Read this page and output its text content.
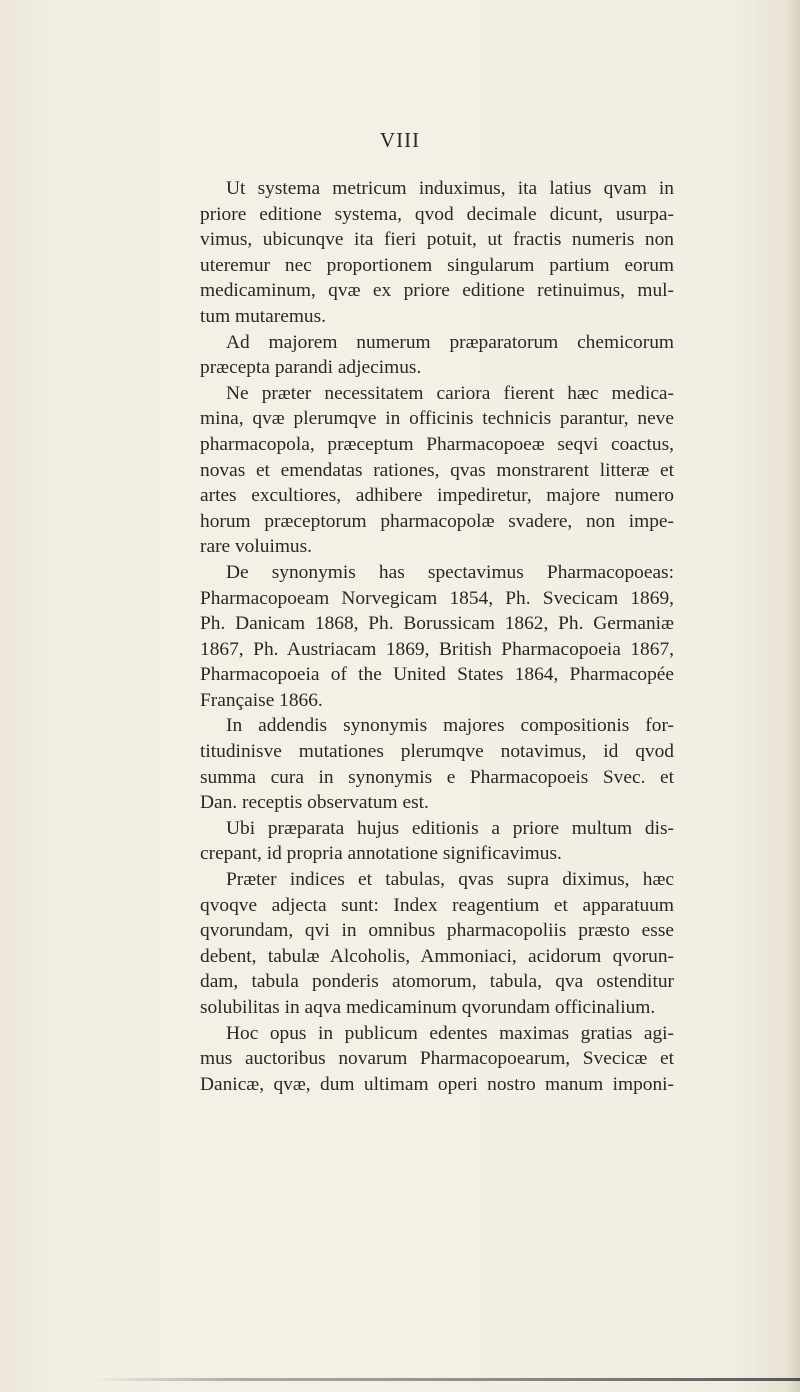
VIII
Ut systema metricum induximus, ita latius qvam in
priore editione systema, qvod decimale dicunt, usurpa-
vimus, ubicunqve ita fieri potuit, ut fractis numeris non
uteremur nec proportionem singularum partium eorum
medicaminum, qvæ ex priore editione retinuimus, mul-
tum mutaremus.
Ad majorem numerum præparatorum chemicorum
præcepta parandi adjecimus.
Ne præter necessitatem cariora fierent hæc medica-
mina, qvæ plerumqve in officinis technicis parantur, neve
pharmacopola, præceptum Pharmacopoeæ seqvi coactus,
novas et emendatas rationes, qvas monstrarent litteræ et
artes excultiores, adhibere impediretur, majore numero
horum præceptorum pharmacopolæ svadere, non impe-
rare voluimus.
De synonymis has spectavimus Pharmacopoeas:
Pharmacopoeam Norvegicam 1854, Ph. Svecicam 1869,
Ph. Danicam 1868, Ph. Borussicam 1862, Ph. Germaniæ
1867, Ph. Austriacam 1869, British Pharmacopoeia 1867,
Pharmacopoeia of the United States 1864, Pharmacopée
Française 1866.
In addendis synonymis majores compositionis for-
titudinisve mutationes plerumqve notavimus, id qvod
summa cura in synonymis e Pharmacopoeis Svec. et
Dan. receptis observatum est.
Ubi præparata hujus editionis a priore multum dis-
crepant, id propria annotatione significavimus.
Præter indices et tabulas, qvas supra diximus, hæc
qvoqve adjecta sunt: Index reagentium et apparatuum
qvorundam, qvi in omnibus pharmacopoliis præsto esse
debent, tabulæ Alcoholis, Ammoniaci, acidorum qvorun-
dam, tabula ponderis atomorum, tabula, qva ostenditur
solubilitas in aqva medicaminum qvorundam officinalium.
Hoc opus in publicum edentes maximas gratias agi-
mus auctoribus novarum Pharmacopoearum, Svecicæ et
Danicæ, qvæ, dum ultimam operi nostro manum imponi-
